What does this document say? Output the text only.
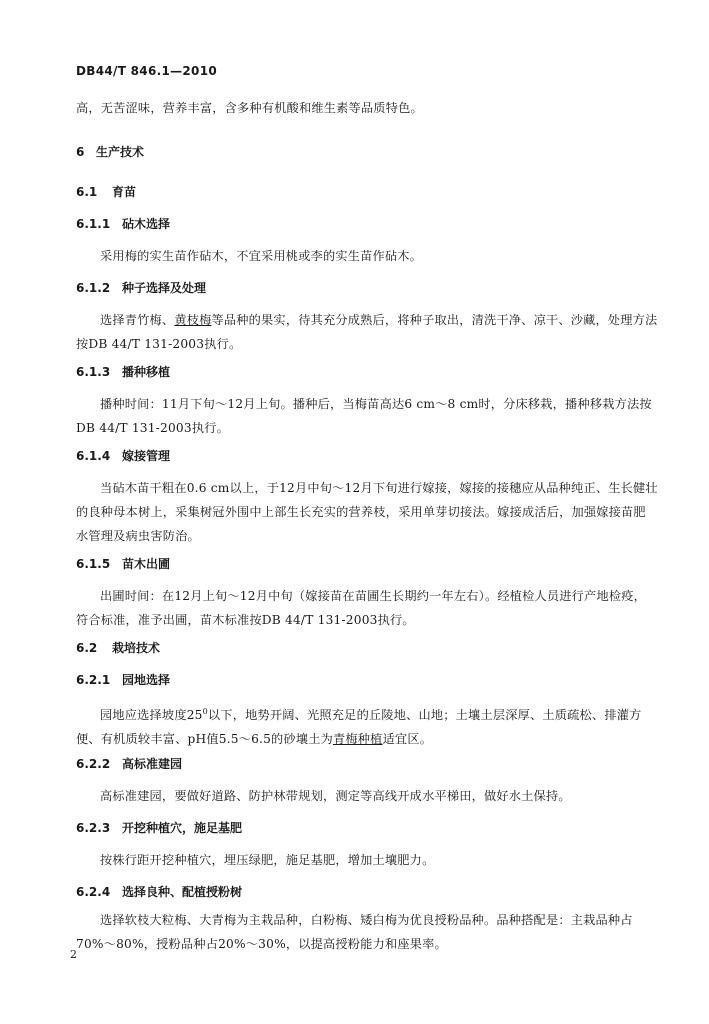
DB44/T 846.1—2010

高，无苦涩味，营养丰富，含多种有机酸和维生素等品质特色。

6 生产技术
6.1 育苗
6.1.1 砧木选择

采用梅的实生苗作砧木，不宜采用桃或李的实生苗作砧木。

6.1.2 种子选择及处理

选择青竹梅、黄枝梅等品种的果实，待其充分成熟后，将种子取出，清洗干净、凉干、沙藏，处理方法按DB 44/T 131-2003执行。

6.1.3 播种移植

播种时间：11月下旬～12月上旬。播种后，当梅苗高达6 cm～8 cm时，分床移栽，播种移栽方法按DB 44/T 131-2003执行。

6.1.4 嫁接管理

当砧木苗干粗在0.6 cm以上，于12月中旬～12月下旬进行嫁接，嫁接的接穗应从品种纯正、生长健壮的良种母本树上，采集树冠外围中上部生长充实的营养枝，采用单芽切接法。嫁接成活后，加强嫁接苗肥水管理及病虫害防治。

6.1.5 苗木出圃

出圃时间：在12月上旬～12月中旬（嫁接苗在苗圃生长期约一年左右）。经植检人员进行产地检疫，符合标准，准予出圃，苗木标准按DB 44/T 131-2003执行。

6.2 栽培技术
6.2.1 园地选择

园地应选择坡度$25^0$以下，地势开阔、光照充足的丘陵地、山地；土壤土层深厚、土质疏松、排灌方便、有机质较丰富、pH值5.5～6.5的砂壤土为青梅种植适宜区。

6.2.2 高标准建园

高标准建园，要做好道路、防护林带规划，测定等高线开成水平梯田，做好水土保持。

6.2.3 开挖种植穴，施足基肥

按株行距开挖种植穴，埋压绿肥，施足基肥，增加土壤肥力。

6.2.4 选择良种、配植授粉树

选择软枝大粒梅、大青梅为主栽品种，白粉梅、矮白梅为优良授粉品种。品种搭配是：主栽品种占70%～80%，授粉品种占20%～30%，以提高授粉能力和座果率。

2
